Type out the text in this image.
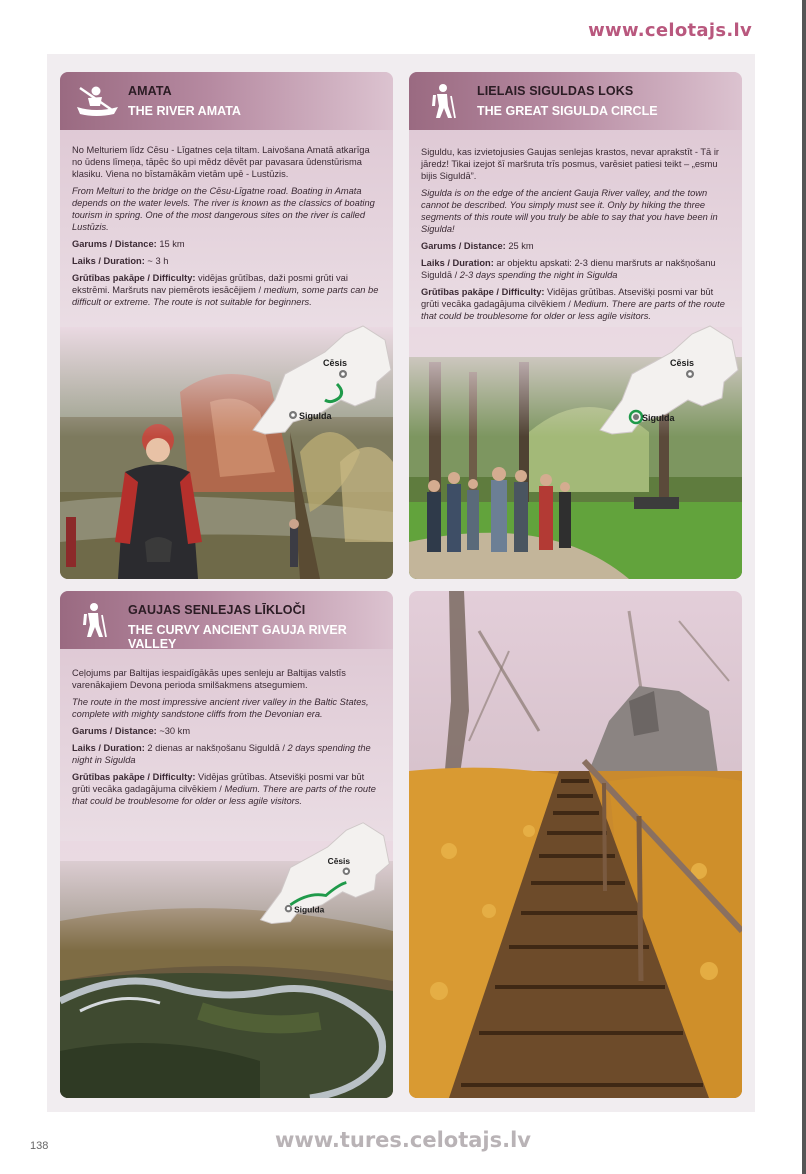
www.celotajs.lv
AMATA
THE RIVER AMATA

No Melturiem līdz Cēsu - Līgatnes ceļa tiltam. Laivošana Amatā atkarīga no ūdens līmeņa, tāpēc šo upi mēdz dēvēt par pavasara ūdenstūrisma klasiku. Viena no bīstamākām vietām upē - Lustūzis.

From Melturi to the bridge on the Cēsu-Līgatne road. Boating in Amata depends on the water levels. The river is known as the classics of boating tourism in spring. One of the most dangerous sites on the river is called Lustūzis.

Garums / Distance: 15 km

Laiks / Duration: ~ 3 h

Grūtības pakāpe / Difficulty: vidējas grūtības, daži posmi grūti vai ekstrēmi. Maršruts nav piemērots iesācējiem / medium, some parts can be difficult or extreme. The route is not suitable for beginners.

Cēsis
Sigulda
LIELAIS SIGULDAS LOKS
THE GREAT SIGULDA CIRCLE

Siguldu, kas izvietojusies Gaujas senlejas krastos, nevar aprakstīt - Tā ir jāredz! Tikai izejot šī maršruta trīs posmus, varēsiet patiesi teikt – „esmu bijis Siguldā”.

Sigulda is on the edge of the ancient Gauja River valley, and the town cannot be described. You simply must see it. Only by hiking the three segments of this route will you truly be able to say that you have been in Sigulda!

Garums / Distance: 25 km

Laiks / Duration: ar objektu apskati: 2-3 dienu maršruts ar nakšņošanu Siguldā / 2-3 days spending the night in Sigulda

Grūtības pakāpe / Difficulty: Vidējas grūtības. Atsevišķi posmi var būt grūti vecāka gadagājuma cilvēkiem / Medium. There are parts of the route that could be troublesome for older or less agile visitors.

Cēsis
Sigulda
GAUJAS SENLEJAS LĪKLOČI
THE CURVY ANCIENT GAUJA RIVER VALLEY

Ceļojums par Baltijas iespaidīgākās upes senleju ar Baltijas valstīs varenākajiem Devona perioda smilšakmens atsegumiem.

The route in the most impressive ancient river valley in the Baltic States, complete with mighty sandstone cliffs from the Devonian era.

Garums / Distance: ~30 km

Laiks / Duration: 2 dienas ar nakšņošanu Siguldā / 2 days spending the night in Sigulda

Grūtības pakāpe / Difficulty: Vidējas grūtības. Atsevišķi posmi var būt grūti vecāka gadagājuma cilvēkiem / Medium. There are parts of the route that could be troublesome for older or less agile visitors.

Cēsis
Sigulda
138	www.tures.celotajs.lv
